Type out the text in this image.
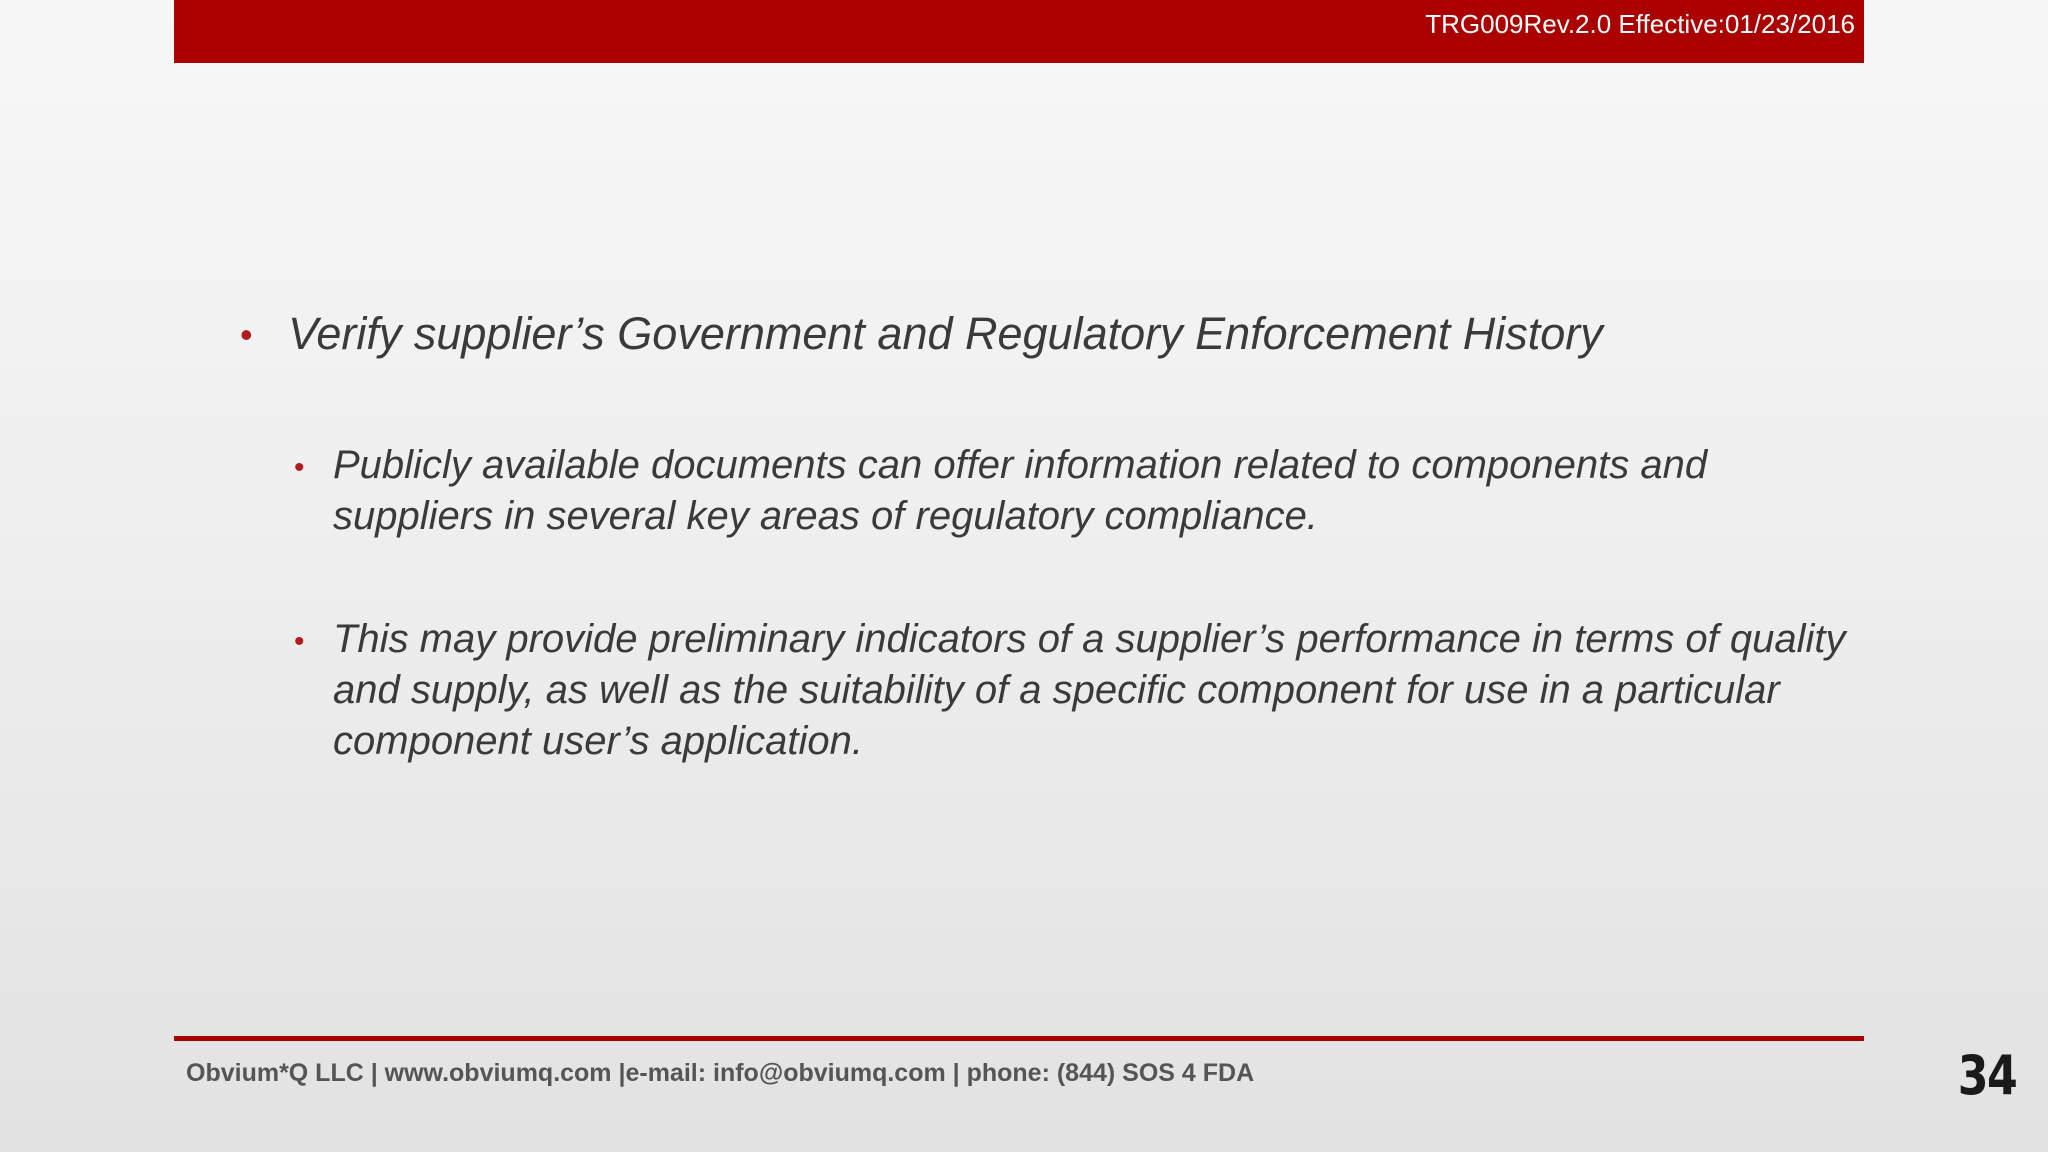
TRG009Rev.2.0 Effective:01/23/2016
• Verify supplier’s Government and Regulatory Enforcement History
• Publicly available documents can offer information related to components and suppliers in several key areas of regulatory compliance.
• This may provide preliminary indicators of a supplier’s performance in terms of quality and supply, as well as the suitability of a specific component for use in a particular component user’s application.
Obvium*Q LLC | www.obviumq.com |e-mail: info@obviumq.com | phone: (844) SOS 4 FDA	34
